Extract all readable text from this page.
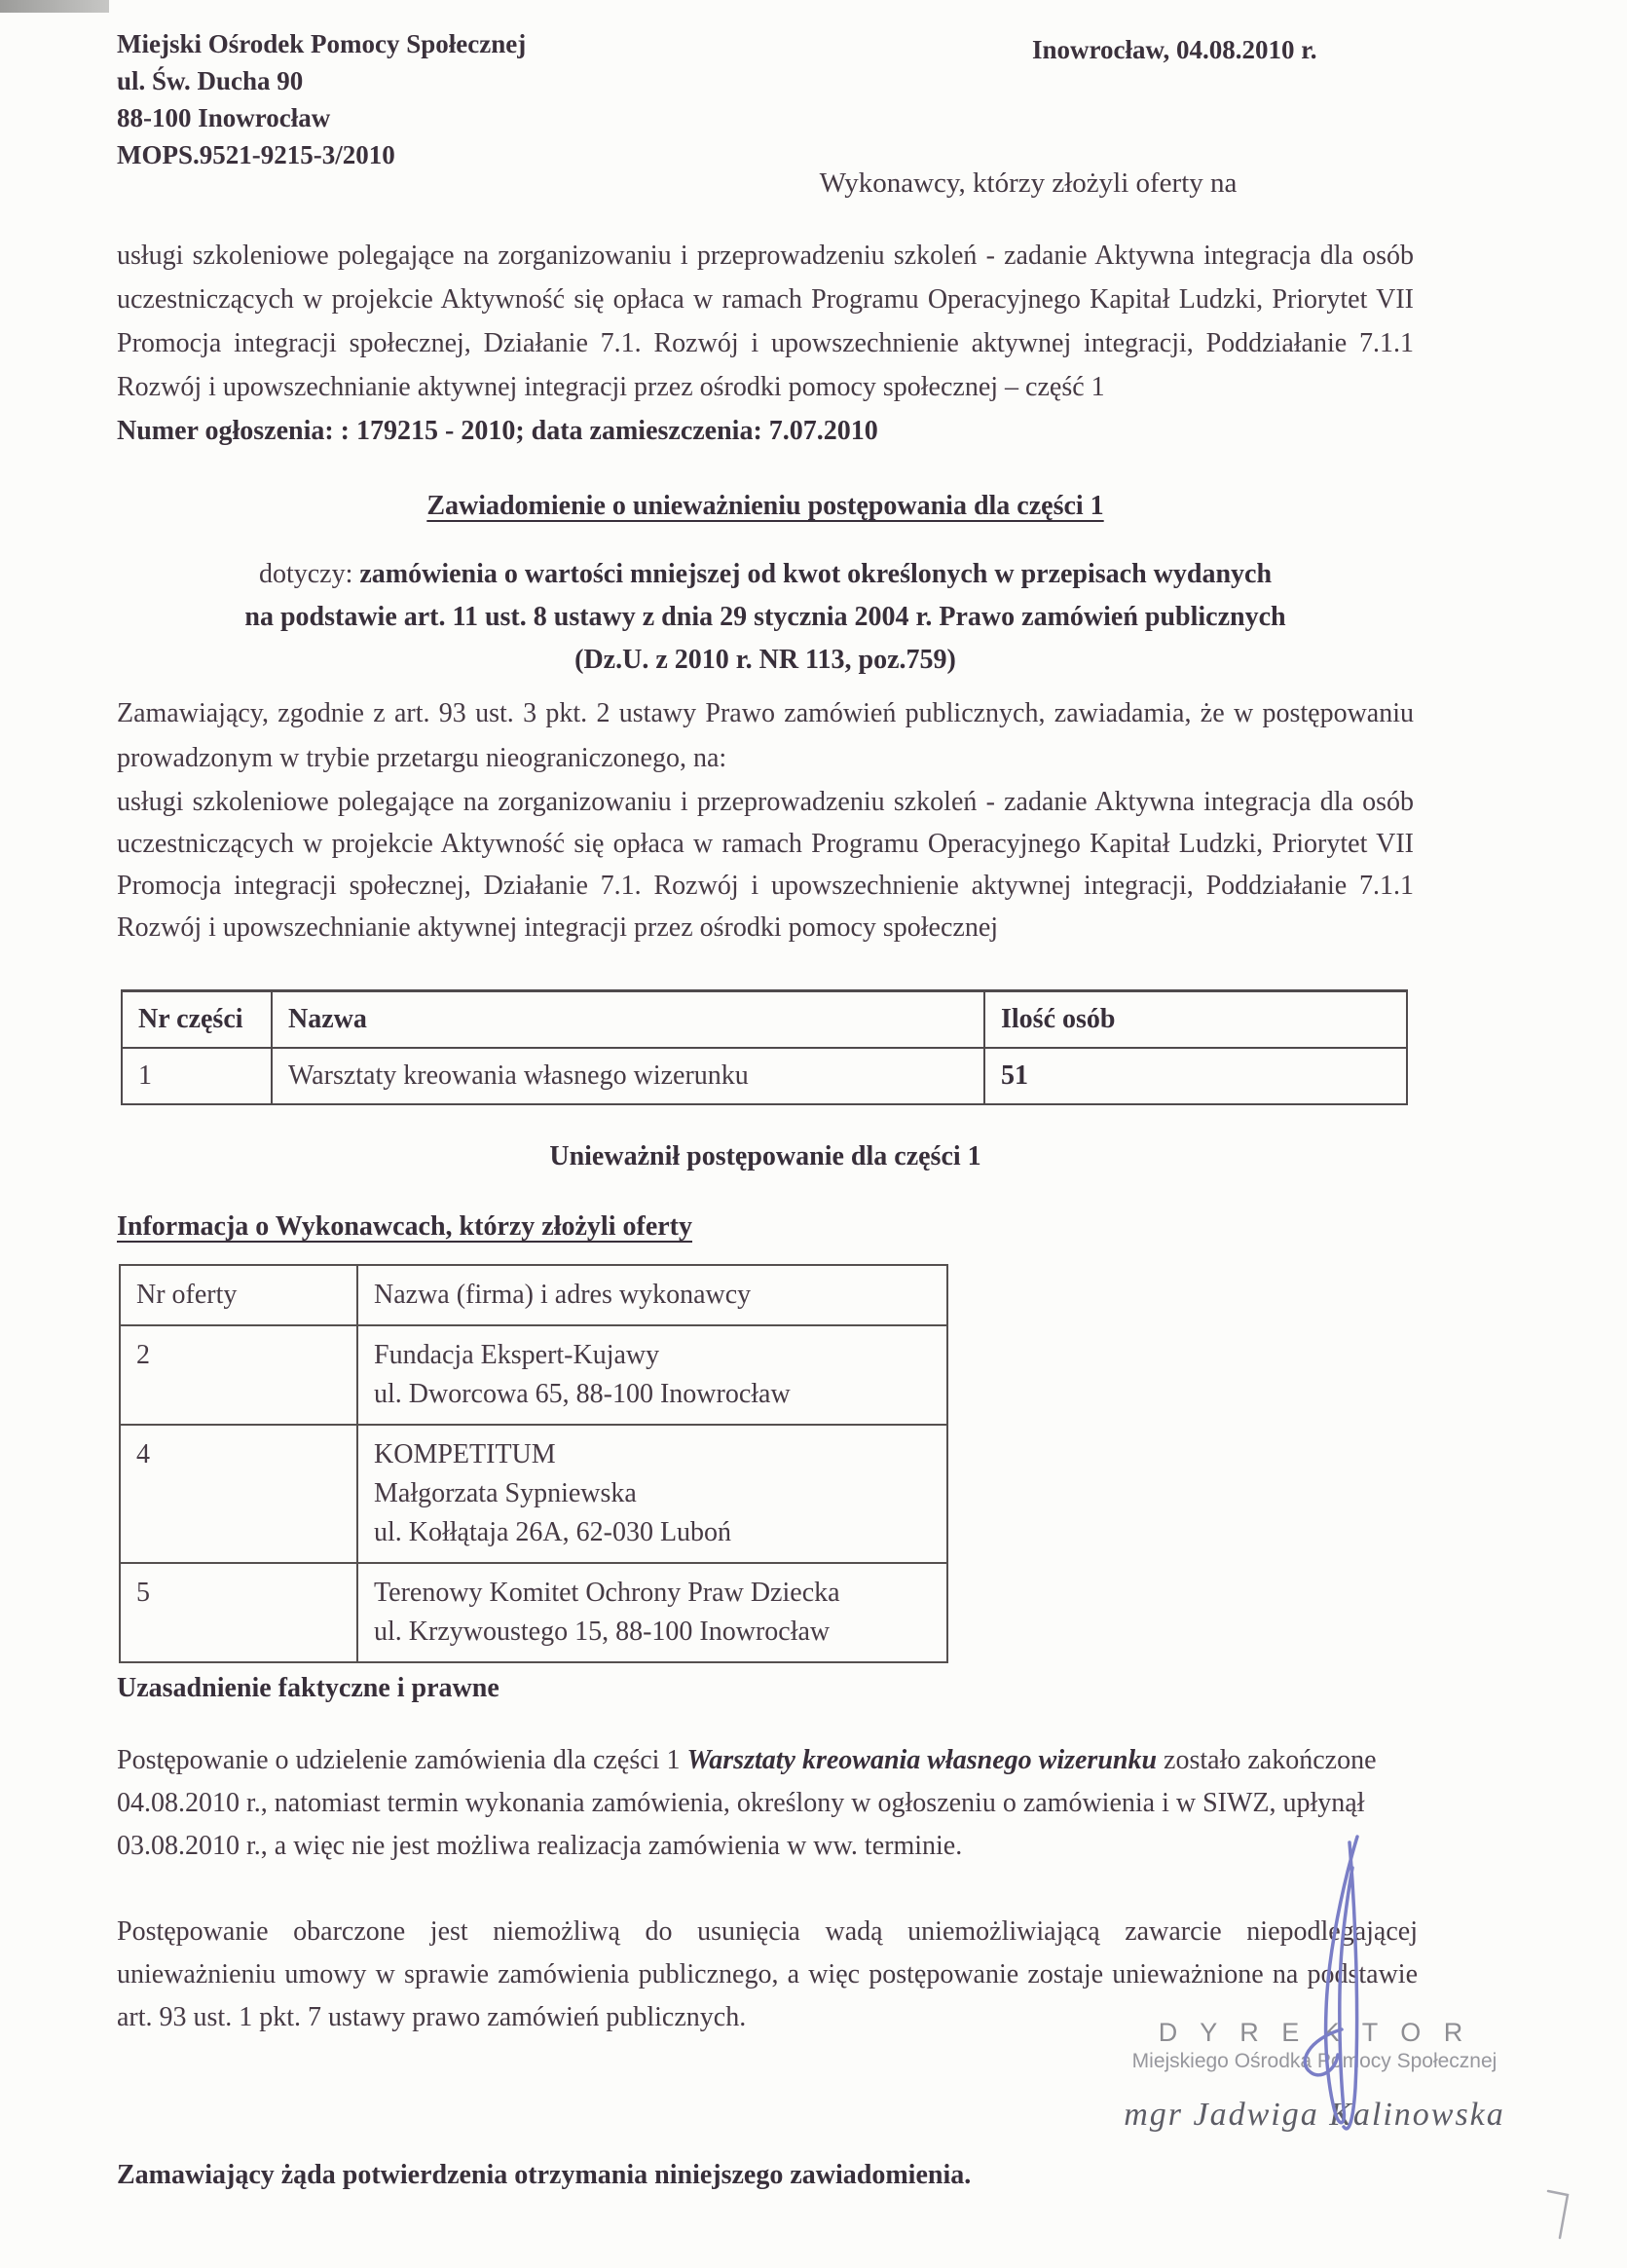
Miejski Ośrodek Pomocy Społecznej
ul. Św. Ducha 90
88-100 Inowrocław
MOPS.9521-9215-3/2010
Inowrocław, 04.08.2010 r.
Wykonawcy, którzy złożyli oferty na
usługi szkoleniowe polegające na zorganizowaniu i przeprowadzeniu szkoleń - zadanie Aktywna integracja dla osób uczestniczących w projekcie Aktywność się opłaca w ramach Programu Operacyjnego Kapitał Ludzki, Priorytet VII Promocja integracji społecznej, Działanie 7.1. Rozwój i upowszechnienie aktywnej integracji, Poddziałanie 7.1.1 Rozwój i upowszechnianie aktywnej integracji przez ośrodki pomocy społecznej – część 1
Numer ogłoszenia: : 179215 - 2010; data zamieszczenia: 7.07.2010
Zawiadomienie o unieważnieniu postępowania dla części 1
dotyczy: zamówienia o wartości mniejszej od kwot określonych w przepisach wydanych
na podstawie art. 11 ust. 8 ustawy z dnia 29 stycznia 2004 r. Prawo zamówień publicznych
(Dz.U. z 2010 r. NR 113, poz.759)
Zamawiający, zgodnie z art. 93 ust. 3 pkt. 2 ustawy Prawo zamówień publicznych, zawiadamia, że w postępowaniu prowadzonym w trybie przetargu nieograniczonego, na:
usługi szkoleniowe polegające na zorganizowaniu i przeprowadzeniu szkoleń - zadanie Aktywna integracja dla osób uczestniczących w projekcie Aktywność się opłaca w ramach Programu Operacyjnego Kapitał Ludzki, Priorytet VII Promocja integracji społecznej, Działanie 7.1. Rozwój i upowszechnienie aktywnej integracji, Poddziałanie 7.1.1 Rozwój i upowszechnianie aktywnej integracji przez ośrodki pomocy społecznej
Nr części	Nazwa	Ilość osób
1	Warsztaty kreowania własnego wizerunku	51
Unieważnił postępowanie dla części 1
Informacja o Wykonawcach, którzy złożyli oferty
Nr oferty	Nazwa (firma) i adres wykonawcy
2	Fundacja Ekspert-Kujawy
ul. Dworcowa 65, 88-100 Inowrocław

4	KOMPETITUM
Małgorzata Sypniewska
ul. Kołłątaja 26A, 62-030 Luboń

5	Terenowy Komitet Ochrony Praw Dziecka
ul. Krzywoustego 15, 88-100 Inowrocław
Uzasadnienie faktyczne i prawne
Postępowanie o udzielenie zamówienia dla części 1 Warsztaty kreowania własnego wizerunku zostało zakończone 04.08.2010 r., natomiast termin wykonania zamówienia, określony w ogłoszeniu o zamówienia i w SIWZ, upłynął 03.08.2010 r., a więc nie jest możliwa realizacja zamówienia w ww. terminie.
Postępowanie obarczone jest niemożliwą do usunięcia wadą uniemożliwiającą zawarcie niepodlegającej unieważnieniu umowy w sprawie zamówienia publicznego, a więc postępowanie zostaje unieważnione na podstawie art. 93 ust. 1 pkt. 7 ustawy prawo zamówień publicznych.	D Y R E K T O R
Miejskiego Ośrodka Pomocy Społecznej
mgr Jadwiga Kalinowska
Zamawiający żąda potwierdzenia otrzymania niniejszego zawiadomienia.
